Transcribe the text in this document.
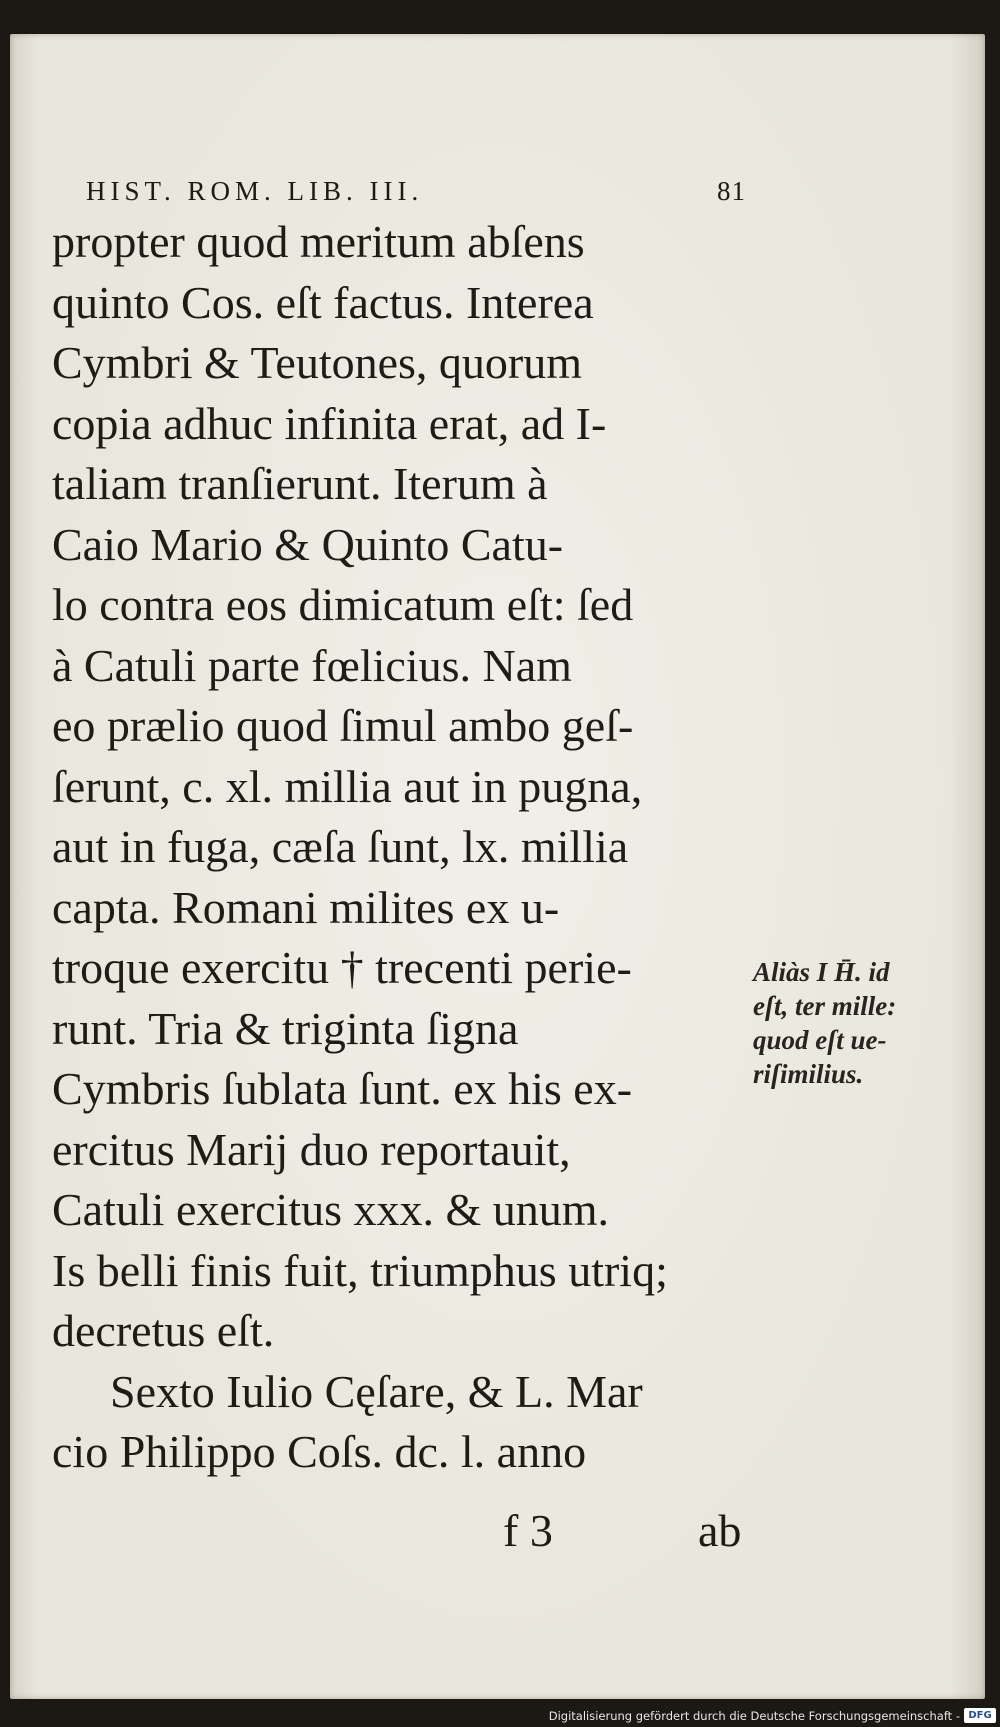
HIST. ROM. LIB. III.	81
propter quod meritum abſens
quinto Cos. eſt factus. Interea
Cymbri & Teutones, quorum
copia adhuc infinita erat, ad I-
taliam tranſierunt. Iterum à
Caio Mario & Quinto Catu-
lo contra eos dimicatum eſt: ſed
à Catuli parte fœlicius. Nam
eo prælio quod ſimul ambo geſ-
ſerunt, c. xl. millia aut in pugna,
aut in fuga, cæſa ſunt, lx. millia
capta. Romani milites ex u-
troque exercitu † trecenti perie-
runt. Tria & triginta ſigna
Cymbris ſublata ſunt. ex his ex-
ercitus Marij duo reportauit,
Catuli exercitus xxx. & unum.
Is belli finis fuit, triumphus utriq;
decretus eſt.
Sexto Iulio Cęſare, & L. Mar
cio Philippo Coſs. dc. l. anno
Aliàs I H̄. id
eſt, ter mille:
quod eſt ue-
riſimilius.
f 3	ab
Digitalisierung gefördert durch die Deutsche Forschungsgemeinschaft - DFG
